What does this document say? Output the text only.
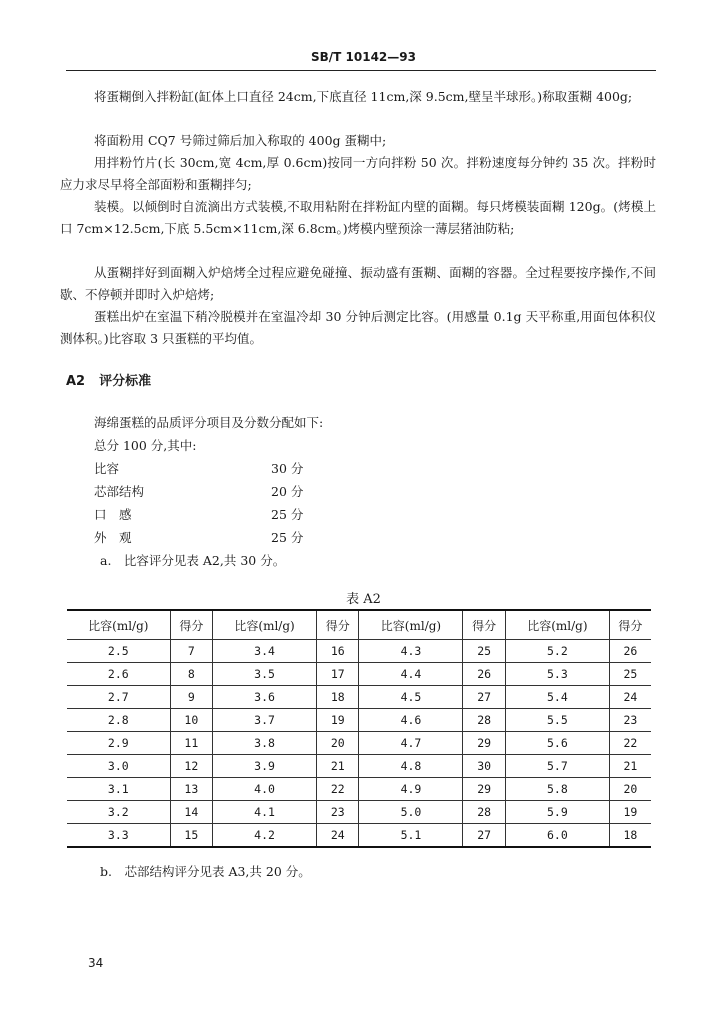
SB/T 10142—93

将蛋糊倒入拌粉缸(缸体上口直径 24cm,下底直径 11cm,深 9.5cm,壁呈半球形。)称取蛋糊 400g;

将面粉用 CQ7 号筛过筛后加入称取的 400g 蛋糊中;

用拌粉竹片(长 30cm,宽 4cm,厚 0.6cm)按同一方向拌粉 50 次。拌粉速度每分钟约 35 次。拌粉时应力求尽早将全部面粉和蛋糊拌匀;

装模。以倾倒时自流滴出方式装模,不取用粘附在拌粉缸内壁的面糊。每只烤模装面糊 120g。(烤模上口 7cm×12.5cm,下底 5.5cm×11cm,深 6.8cm。)烤模内壁预涂一薄层猪油防粘;

从蛋糊拌好到面糊入炉焙烤全过程应避免碰撞、振动盛有蛋糊、面糊的容器。全过程要按序操作,不间歇、不停顿并即时入炉焙烤;

蛋糕出炉在室温下稍冷脱模并在室温冷却 30 分钟后测定比容。(用感量 0.1g 天平称重,用面包体积仪测体积。)比容取 3 只蛋糕的平均值。

A2 评分标准
海绵蛋糕的品质评分项目及分数分配如下:
总分 100 分,其中:
比容	30 分
芯部结构	20 分
口　感	25 分
外　观	25 分
a.　比容评分见表 A2,共 30 分。
表 A2
比容(ml/g)	得分	比容(ml/g)	得分	比容(ml/g)	得分	比容(ml/g)	得分
2.5	7	3.4	16	4.3	25	5.2	26
2.6	8	3.5	17	4.4	26	5.3	25
2.7	9	3.6	18	4.5	27	5.4	24
2.8	10	3.7	19	4.6	28	5.5	23
2.9	11	3.8	20	4.7	29	5.6	22
3.0	12	3.9	21	4.8	30	5.7	21
3.1	13	4.0	22	4.9	29	5.8	20
3.2	14	4.1	23	5.0	28	5.9	19
3.3	15	4.2	24	5.1	27	6.0	18
b.　芯部结构评分见表 A3,共 20 分。
34
